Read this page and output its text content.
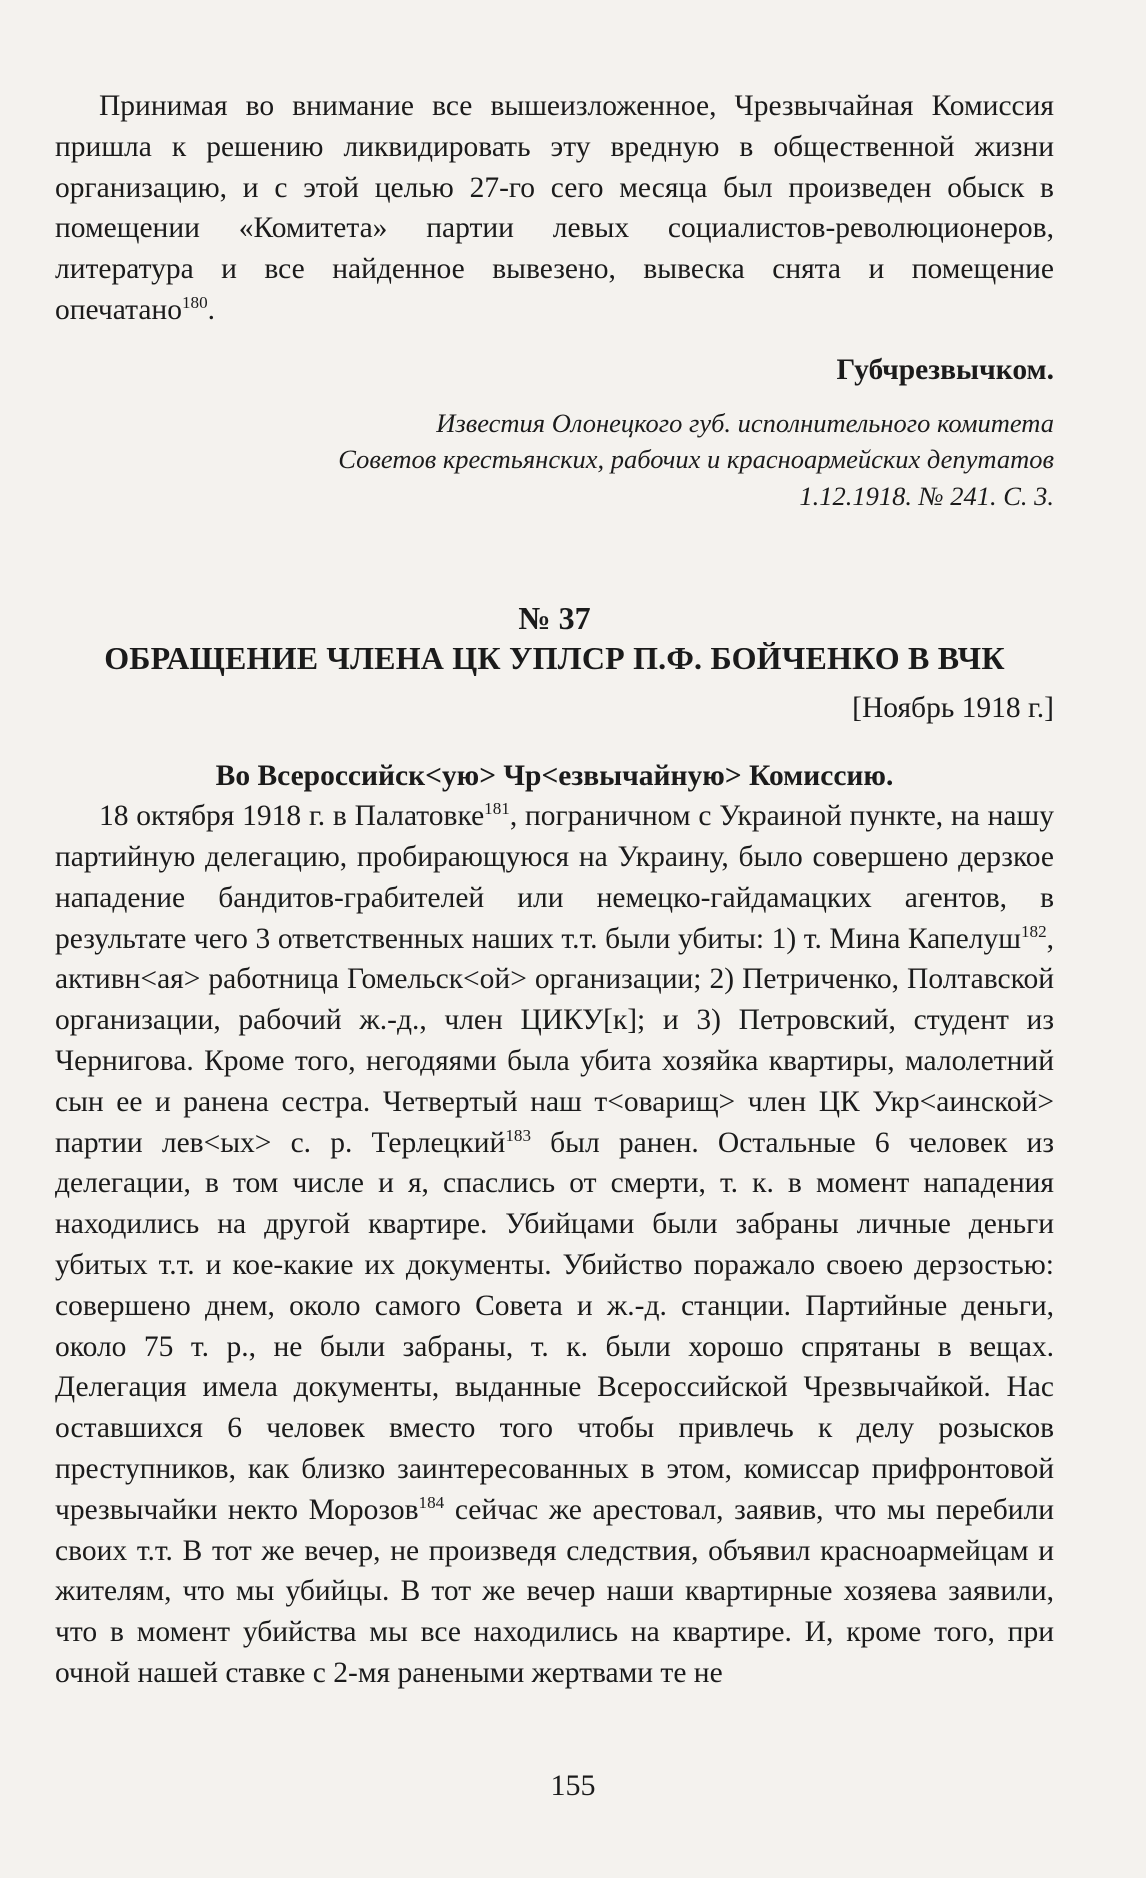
Принимая во внимание все вышеизложенное, Чрезвычайная Комиссия пришла к решению ликвидировать эту вредную в общественной жизни организацию, и с этой целью 27-го сего месяца был произведен обыск в помещении «Комитета» партии левых социалистов-революционеров, литература и все найденное вывезено, вывеска снята и помещение опечатано$^{180}$.

Губчрезвычком.

Известия Олонецкого губ. исполнительного комитета
Советов крестьянских, рабочих и красноармейских депутатов
1.12.1918. № 241. С. 3.
№ 37
ОБРАЩЕНИЕ ЧЛЕНА ЦК УПЛСР П.Ф. БОЙЧЕНКО В ВЧК
[Ноябрь 1918 г.]
Во Всероссийск<ую> Чр<езвычайную> Комиссию.

18 октября 1918 г. в Палатовке$^{181}$, пограничном с Украиной пункте, на нашу партийную делегацию, пробирающуюся на Украину, было совершено дерзкое нападение бандитов-грабителей или немецко-гайдамацких агентов, в результате чего 3 ответственных наших т.т. были убиты: 1) т. Мина Капелуш$^{182}$, активн<ая> работница Гомельск<ой> организации; 2) Петриченко, Полтавской организации, рабочий ж.-д., член ЦИКУ[к]; и 3) Петровский, студент из Чернигова. Кроме того, негодяями была убита хозяйка квартиры, малолетний сын ее и ранена сестра. Четвертый наш т<оварищ> член ЦК Укр<аинской> партии лев<ых> с. р. Терлецкий$^{183}$ был ранен. Остальные 6 человек из делегации, в том числе и я, спаслись от смерти, т. к. в момент нападения находились на другой квартире. Убийцами были забраны личные деньги убитых т.т. и кое-какие их документы. Убийство поражало своею дерзостью: совершено днем, около самого Совета и ж.-д. станции. Партийные деньги, около 75 т. р., не были забраны, т. к. были хорошо спрятаны в вещах. Делегация имела документы, выданные Всероссийской Чрезвычайкой. Нас оставшихся 6 человек вместо того чтобы привлечь к делу розысков преступников, как близко заинтересованных в этом, комиссар прифронтовой чрезвычайки некто Морозов$^{184}$ сейчас же арестовал, заявив, что мы перебили своих т.т. В тот же вечер, не произведя следствия, объявил красноармейцам и жителям, что мы убийцы. В тот же вечер наши квартирные хозяева заявили, что в момент убийства мы все находились на квартире. И, кроме того, при очной нашей ставке с 2-мя ранеными жертвами те не

155
